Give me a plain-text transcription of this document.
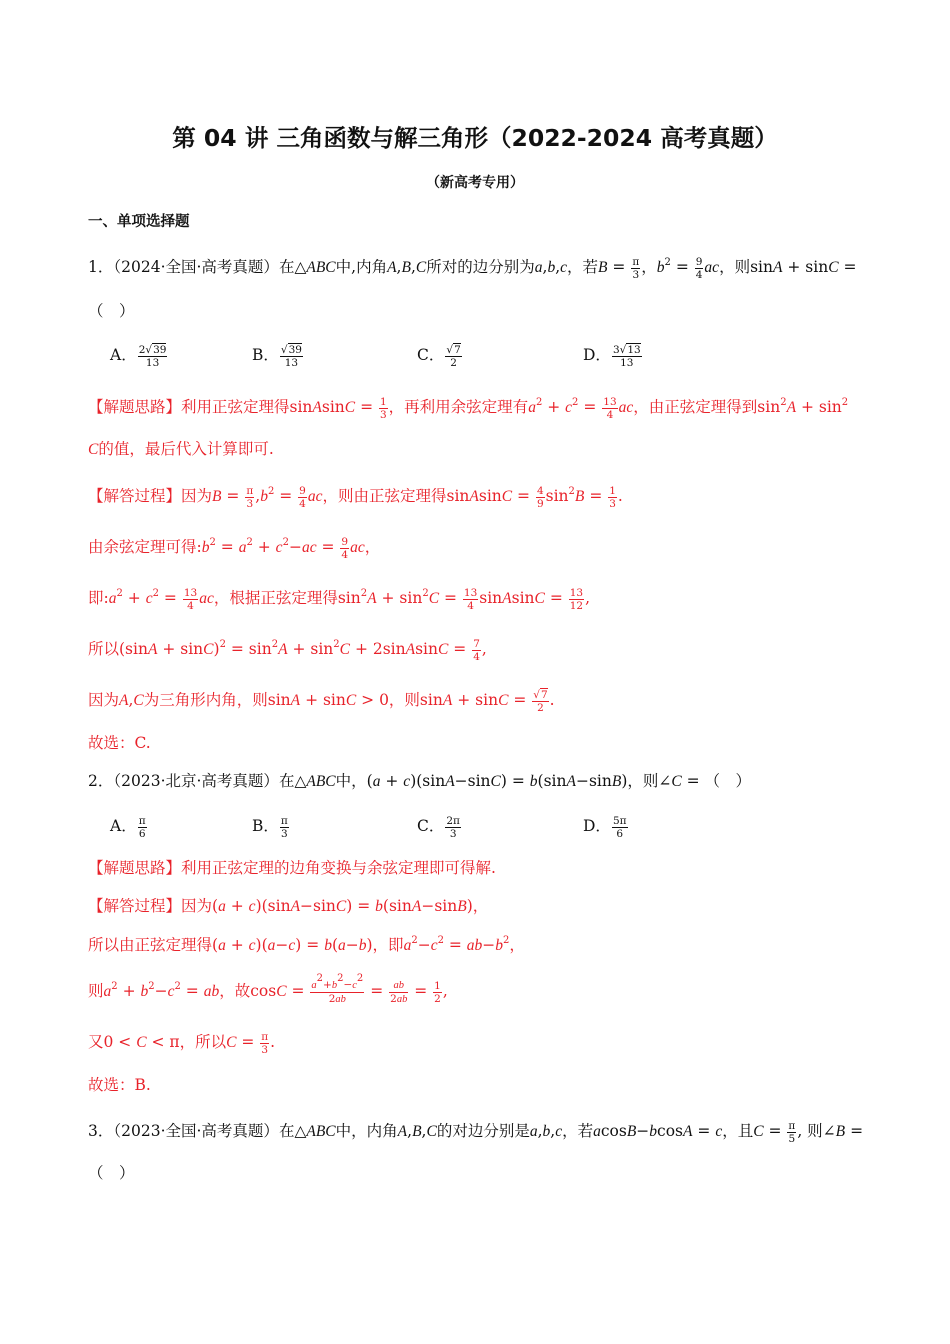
第 04 讲 三角函数与解三角形（2022-2024 高考真题）
（新高考专用）
一、单项选择题
1．（2024·全国·高考真题）在△ABC中,内角A,B,C所对的边分别为a,b,c，若$B = \frac{\pi}{3}$ ，$b^2 = \frac{9}{4}$ ac，则sinA + sinC =
（　）
A． $\frac{2√39}{13}$	B． $\frac{√39}{13}$	C． $\frac{√7}{2}$	D． $\frac{3√13}{13}$
【解题思路】利用正弦定理得sinAsinC = $\frac{1}{3}$ ，再利用余弦定理有$a^2 + c^2 = \frac{13}{4}$ ac，由正弦定理得到$\sin^2A + \sin^2$
C的值，最后代入计算即可.
【解答过程】因为$B = \frac{\pi}{3} ,b^2 = \frac{9}{4}$ ac，则由正弦定理得sinAsinC = $\frac{4}{9} \sin^2B = \frac{1}{3}$ .
由余弦定理可得$:b^2 = a^2 + c^2-ac = \frac{9}{4}$ ac，
即$:a^2 + c^2 = \frac{13}{4}$ ac，根据正弦定理得$\sin^2A + \sin^2C = \frac{13}{4}$ sinAsinC = $\frac{13}{12}$ ,
所以$(\sin A + \sin C)^2 = \sin^2A + \sin^2C$ + 2sinAsinC = $\frac{7}{4}$ ,
因为A,C为三角形内角，则sinA + sinC > 0，则$\sin A + \sin C = \frac{√7}{2}$ .
故选：C.
2．（2023·北京·高考真题）在△ABC中，(a + c)(sinA−sinC) = b(sinA−sinB)，则∠C = （　）
A． $\frac{\pi}{6}$	B． $\frac{\pi}{3}$	C． $\frac{2\pi}{3}$	D． $\frac{5\pi}{6}$
【解题思路】利用正弦定理的边角变换与余弦定理即可得解.
【解答过程】因为(a + c)(sinA−sinC) = b(sinA−sinB)，
所以由正弦定理得(a + c)(a−c) = b(a−b)，即$a^2-c^2 = ab-b^2$，
则$a^2 + b^2-c^2$ = ab，故$\cos C = \frac{a^2+b^2-c^2}{2ab} = \frac{ab}{2ab} = \frac{1}{2}$ ,
又0 < C < π，所以$C = \frac{\pi}{3}$ .
故选：B.
3．（2023·全国·高考真题）在△ABC中，内角A,B,C的对边分别是a,b,c，若acosB−bcosA = c，且$C = \frac{\pi}{5}$ , 则∠B =
（　）
